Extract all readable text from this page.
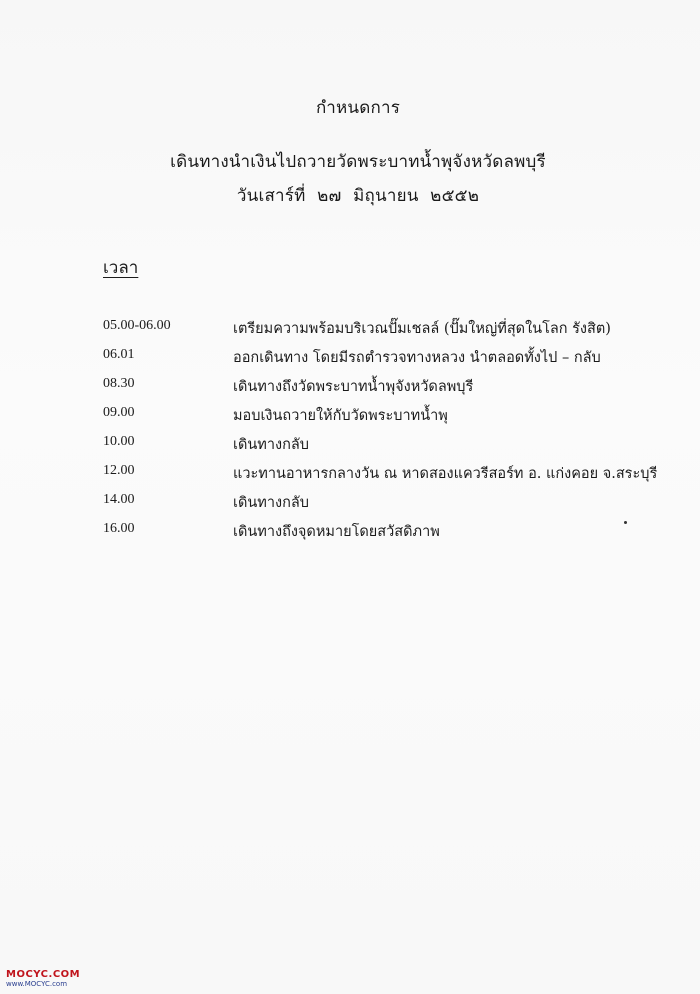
กำหนดการ
เดินทางนำเงินไปถวายวัดพระบาทน้ำพุจังหวัดลพบุรี
วันเสาร์ที่ ๒๗ มิถุนายน ๒๕๕๒
เวลา
05.00-06.00	เตรียมความพร้อมบริเวณปั๊มเชลล์ (ปั๊มใหญ่ที่สุดในโลก รังสิต)
06.01	ออกเดินทาง โดยมีรถตำรวจทางหลวง นำตลอดทั้งไป – กลับ
08.30	เดินทางถึงวัดพระบาทน้ำพุจังหวัดลพบุรี
09.00	มอบเงินถวายให้กับวัดพระบาทน้ำพุ
10.00	เดินทางกลับ
12.00	แวะทานอาหารกลางวัน ณ หาดสองแควรีสอร์ท อ. แก่งคอย จ.สระบุรี
14.00	เดินทางกลับ
16.00	เดินทางถึงจุดหมายโดยสวัสดิภาพ
MOCYC.COM
www.MOCYC.com
